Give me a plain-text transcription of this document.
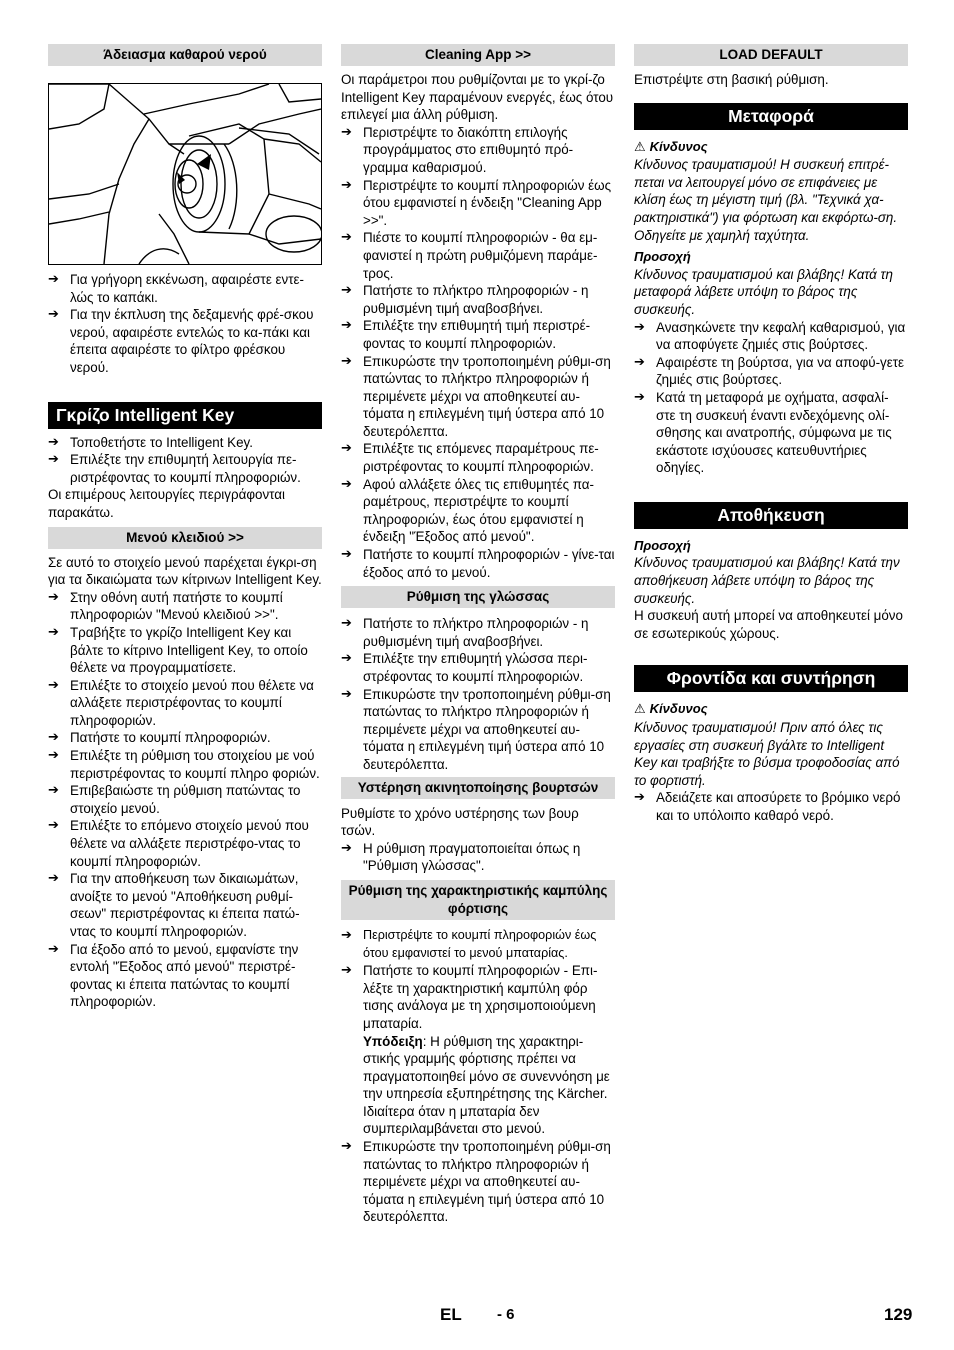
Άδειασμα καθαρού νερού
➔ Για γρήγορη εκκένωση, αφαιρέστε εντε-λώς το καπάκι.
➔ Για την έκπλυση της δεξαμενής φρέ-σκου νερού, αφαιρέστε εντελώς το κα-πάκι και έπειτα αφαιρέστε το φίλτρο φρέσκου νερού.
Γκρίζο Intelligent Key
➔ Τοποθετήστε το Intelligent Key.
➔ Επιλέξτε την επιθυμητή λειτουργία πε-ριστρέφοντας το κουμπί πληροφοριών.

Οι επιμέρους λειτουργίες περιγράφονται παρακάτω.

Μενού κλειδιού >>

Σε αυτό το στοιχείο μενού παρέχεται έγκρι-ση για τα δικαιώματα των κίτρινων Intelligent Key.

➔ Στην οθόνη αυτή πατήστε το κουμπί πληροφοριών "Μενού κλειδιού >>".
➔ Τραβήξτε το γκρίζο Intelligent Key και βάλτε το κίτρινο Intelligent Key, το οποίο θέλετε να προγραμματίσετε.
➔ Επιλέξτε το στοιχείο μενού που θέλετε να αλλάξετε περιστρέφοντας το κουμπί πληροφοριών.
➔ Πατήστε το κουμπί πληροφοριών.
➔ Επιλέξτε τη ρύθμιση του στοιχείου με νού περιστρέφοντας το κουμπί πληρο φοριών.
➔ Επιβεβαιώστε τη ρύθμιση πατώντας το στοιχείο μενού.
➔ Επιλέξτε το επόμενο στοιχείο μενού που θέλετε να αλλάξετε περιστρέφο-ντας το κουμπί πληροφοριών.
➔ Για την αποθήκευση των δικαιωμάτων, ανοίξτε το μενού "Αποθήκευση ρυθμί-σεων" περιστρέφοντας κι έπειτα πατώ-ντας το κουμπί πληροφοριών.
➔ Για έξοδο από το μενού, εμφανίστε την εντολή "Έξοδος από μενού" περιστρέ-φοντας κι έπειτα πατώντας το κουμπί πληροφοριών.
Cleaning App >>

Οι παράμετροι που ρυθμίζονται με το γκρί-ζο Intelligent Key παραμένουν ενεργές, έως ότου επιλεγεί μια άλλη ρύθμιση.

➔ Περιστρέψτε το διακόπτη επιλογής προγράμματος στο επιθυμητό πρό-γραμμα καθαρισμού.
➔ Περιστρέψτε το κουμπί πληροφοριών έως ότου εμφανιστεί η ένδειξη "Cleaning App >>".
➔ Πιέστε το κουμπί πληροφοριών - θα εμ-φανιστεί η πρώτη ρυθμιζόμενη παράμε-τρος.
➔ Πατήστε το πλήκτρο πληροφοριών - η ρυθμισμένη τιμή αναβοσβήνει.
➔ Επιλέξτε την επιθυμητή τιμή περιστρέ-φοντας το κουμπί πληροφοριών.
➔ Επικυρώστε την τροποποιημένη ρύθμι-ση πατώντας το πλήκτρο πληροφοριών ή περιμένετε μέχρι να αποθηκευτεί αυ-τόματα η επιλεγμένη τιμή ύστερα από 10 δευτερόλεπτα.
➔ Επιλέξτε τις επόμενες παραμέτρους πε-ριστρέφοντας το κουμπί πληροφοριών.
➔ Αφού αλλάξετε όλες τις επιθυμητές πα-ραμέτρους, περιστρέψτε το κουμπί πληροφοριών, έως ότου εμφανιστεί η ένδειξη "Έξοδος από μενού".
➔ Πατήστε το κουμπί πληροφοριών - γίνε-ται έξοδος από το μενού.
Ρύθμιση της γλώσσας
➔ Πατήστε το πλήκτρο πληροφοριών - η ρυθμισμένη τιμή αναβοσβήνει.
➔ Επιλέξτε την επιθυμητή γλώσσα περι-στρέφοντας το κουμπί πληροφοριών.
➔ Επικυρώστε την τροποποιημένη ρύθμι-ση πατώντας το πλήκτρο πληροφοριών ή περιμένετε μέχρι να αποθηκευτεί αυ-τόματα η επιλεγμένη τιμή ύστερα από 10 δευτερόλεπτα.
Υστέρηση ακινητοποίησης βουρτσών

Ρυθμίστε το χρόνο υστέρησης των βουρ τσών.

➔ Η ρύθμιση πραγματοποιείται όπως η "Ρύθμιση γλώσσας".
Ρύθμιση της χαρακτηριστικής καμπύλης φόρτισης
➔ Περιστρέψτε το κουμπί πληροφοριών έως ότου εμφανιστεί το μενού μπαταρίας.
➔ Πατήστε το κουμπί πληροφοριών - Επι-λέξτε τη χαρακτηριστική καμπύλη φόρ τισης ανάλογα με τη χρησιμοποιούμενη μπαταρία.
Υπόδειξη: Η ρύθμιση της χαρακτηρι-στικής γραμμής φόρτισης πρέπει να πραγματοποιηθεί μόνο σε συνεννόηση με την υπηρεσία εξυπηρέτησης της Kärcher. Ιδιαίτερα όταν η μπαταρία δεν συμπεριλαμβάνεται στο μενού.
➔ Επικυρώστε την τροποποιημένη ρύθμι-ση πατώντας το πλήκτρο πληροφοριών ή περιμένετε μέχρι να αποθηκευτεί αυ-τόματα η επιλεγμένη τιμή ύστερα από 10 δευτερόλεπτα.
LOAD DEFAULT

Επιστρέψτε στη βασική ρύθμιση.

Μεταφορά
⚠ Κίνδυνος

Κίνδυνος τραυματισμού! Η συσκευή επιτρέ-πεται να λειτουργεί μόνο σε επιφάνειες με κλίση έως τη μέγιστη τιμή (βλ. "Τεχνικά χα-ρακτηριστικά") για φόρτωση και εκφόρτω-ση. Οδηγείτε με χαμηλή ταχύτητα.

Προσοχή

Κίνδυνος τραυματισμού και βλάβης! Κατά τη μεταφορά λάβετε υπόψη το βάρος της συσκευής.

➔ Ανασηκώνετε την κεφαλή καθαρισμού, για να αποφύγετε ζημιές στις βούρτσες.
➔ Αφαιρέστε τη βούρτσα, για να αποφύ-γετε ζημιές στις βούρτσες.
➔ Κατά τη μεταφορά με οχήματα, ασφαλί-στε τη συσκευή έναντι ενδεχόμενης ολί-σθησης και ανατροπής, σύμφωνα με τις εκάστοτε ισχύουσες κατευθυντήριες οδηγίες.
Αποθήκευση
Προσοχή

Κίνδυνος τραυματισμού και βλάβης! Κατά την αποθήκευση λάβετε υπόψη το βάρος της συσκευής.

Η συσκευή αυτή μπορεί να αποθηκευτεί μόνο σε εσωτερικούς χώρους.

Φροντίδα και συντήρηση
⚠ Κίνδυνος

Κίνδυνος τραυματισμού! Πριν από όλες τις εργασίες στη συσκευή βγάλτε το Intelligent Key και τραβήξτε το βύσμα τροφοδοσίας από το φορτιστή.

➔ Αδειάζετε και αποσύρετε το βρόμικο νερό και το υπόλοιπο καθαρό νερό.
EL - 6	129
